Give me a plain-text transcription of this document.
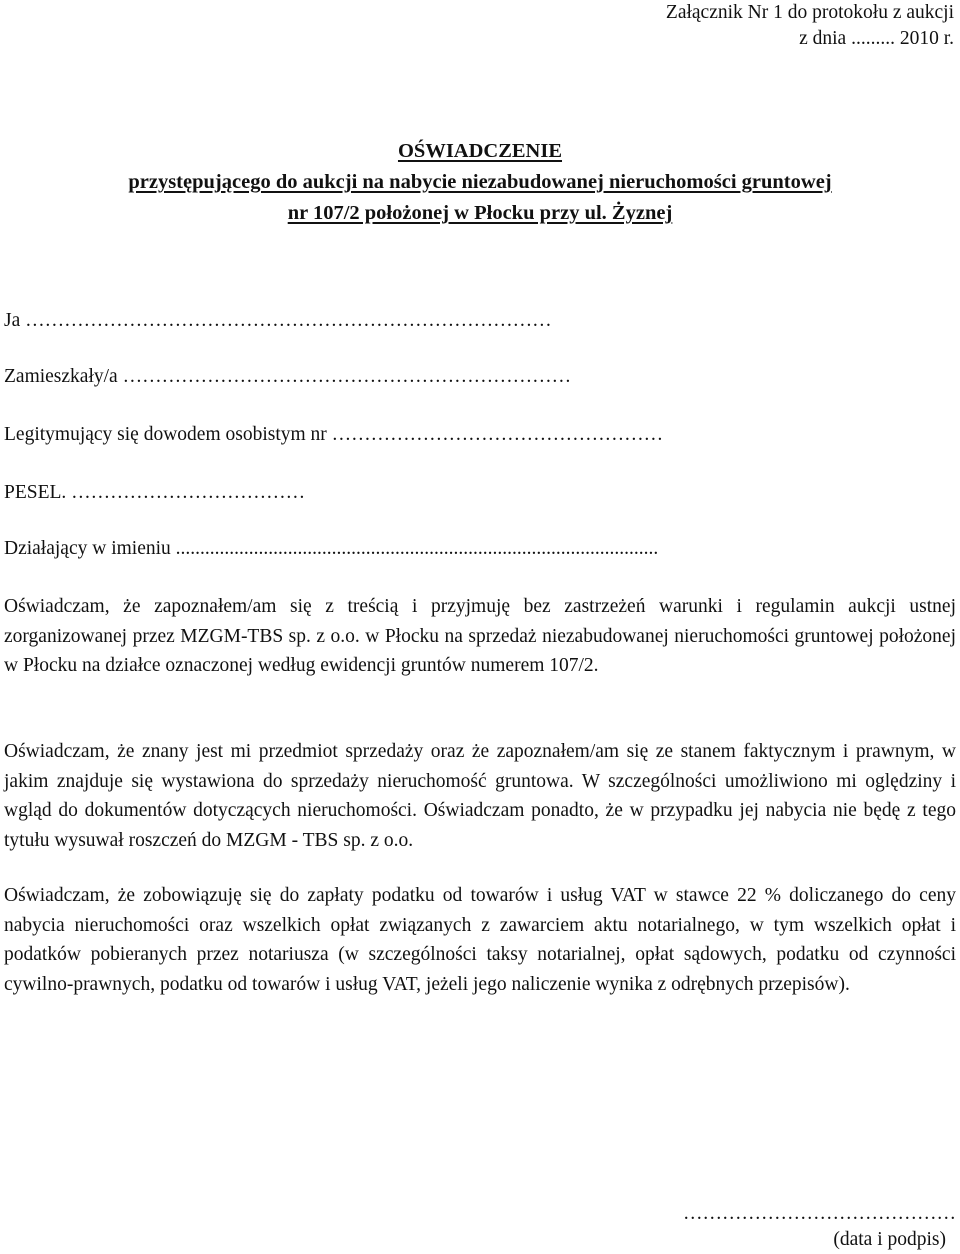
Załącznik Nr 1 do protokołu z aukcji
z dnia ......... 2010 r.
OŚWIADCZENIE
przystępującego do aukcji na nabycie niezabudowanej nieruchomości gruntowej
nr 107/2 położonej w Płocku przy ul. Żyznej
Ja ………………………………………………………………………
Zamieszkały/a ……………………………………………………………
Legitymujący się dowodem osobistym nr ……………………………………………
PESEL. ………………………………
Działający w imieniu ...................................................................................................

Oświadczam, że zapoznałem/am się z treścią i przyjmuję bez zastrzeżeń warunki i regulamin aukcji ustnej zorganizowanej przez MZGM-TBS sp. z o.o. w Płocku na sprzedaż niezabudowanej nieruchomości gruntowej położonej w Płocku na działce oznaczonej według ewidencji gruntów numerem 107/2.

Oświadczam, że znany jest mi przedmiot sprzedaży oraz że zapoznałem/am się ze stanem faktycznym i prawnym, w jakim znajduje się wystawiona do sprzedaży nieruchomość gruntowa. W szczególności umożliwiono mi oględziny i wgląd do dokumentów dotyczących nieruchomości. Oświadczam ponadto, że w przypadku jej nabycia nie będę z tego tytułu wysuwał roszczeń do MZGM - TBS sp. z o.o.

Oświadczam, że zobowiązuję się do zapłaty podatku od towarów i usług VAT w stawce 22 % doliczanego do ceny nabycia nieruchomości oraz wszelkich opłat związanych z zawarciem aktu notarialnego, w tym wszelkich opłat i podatków pobieranych przez notariusza (w szczególności taksy notarialnej, opłat sądowych, podatku od czynności cywilno-prawnych, podatku od towarów i usług VAT, jeżeli jego naliczenie wynika z odrębnych przepisów).

……………………………………
(data i podpis)
